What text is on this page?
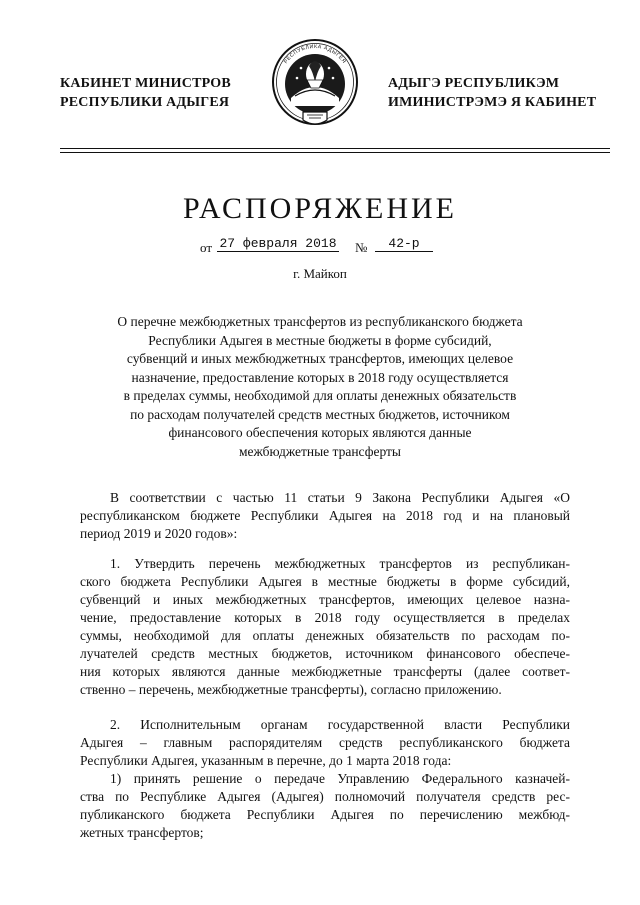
КАБИНЕТ МИНИСТРОВ
РЕСПУБЛИКИ АДЫГЕЯ
РЕСПУБЛИКА АДЫГЕЯ
АДЫГЭ РЕСПУБЛИКЭМ
ИМИНИСТРЭМЭ Я КАБИНЕТ
РАСПОРЯЖЕНИЕ
от 27 февраля 2018 №	42-р
г. Майкоп
О перечне межбюджетных трансфертов из республиканского бюджета
Республики Адыгея в местные бюджеты в форме субсидий,
субвенций и иных межбюджетных трансфертов, имеющих целевое
назначение, предоставление которых в 2018 году осуществляется
в пределах суммы, необходимой для оплаты денежных обязательств
по расходам получателей средств местных бюджетов, источником
финансового обеспечения которых являются данные
межбюджетные трансферты
В соответствии с частью 11 статьи 9 Закона Республики Адыгея «О
республиканском бюджете Республики Адыгея на 2018 год и на плановый
период 2019 и 2020 годов»:
1. Утвердить перечень межбюджетных трансфертов из республикан-
ского бюджета Республики Адыгея в местные бюджеты в форме субсидий,
субвенций и иных межбюджетных трансфертов, имеющих целевое назна-
чение, предоставление которых в 2018 году осуществляется в пределах
суммы, необходимой для оплаты денежных обязательств по расходам по-
лучателей средств местных бюджетов, источником финансового обеспече-
ния которых являются данные межбюджетные трансферты (далее соответ-
ственно – перечень, межбюджетные трансферты), согласно приложению.
2. Исполнительным органам государственной власти Республики
Адыгея – главным распорядителям средств республиканского бюджета
Республики Адыгея, указанным в перечне, до 1 марта 2018 года:
1) принять решение о передаче Управлению Федерального казначей-
ства по Республике Адыгея (Адыгея) полномочий получателя средств рес-
публиканского бюджета Республики Адыгея по перечислению межбюд-
жетных трансфертов;
